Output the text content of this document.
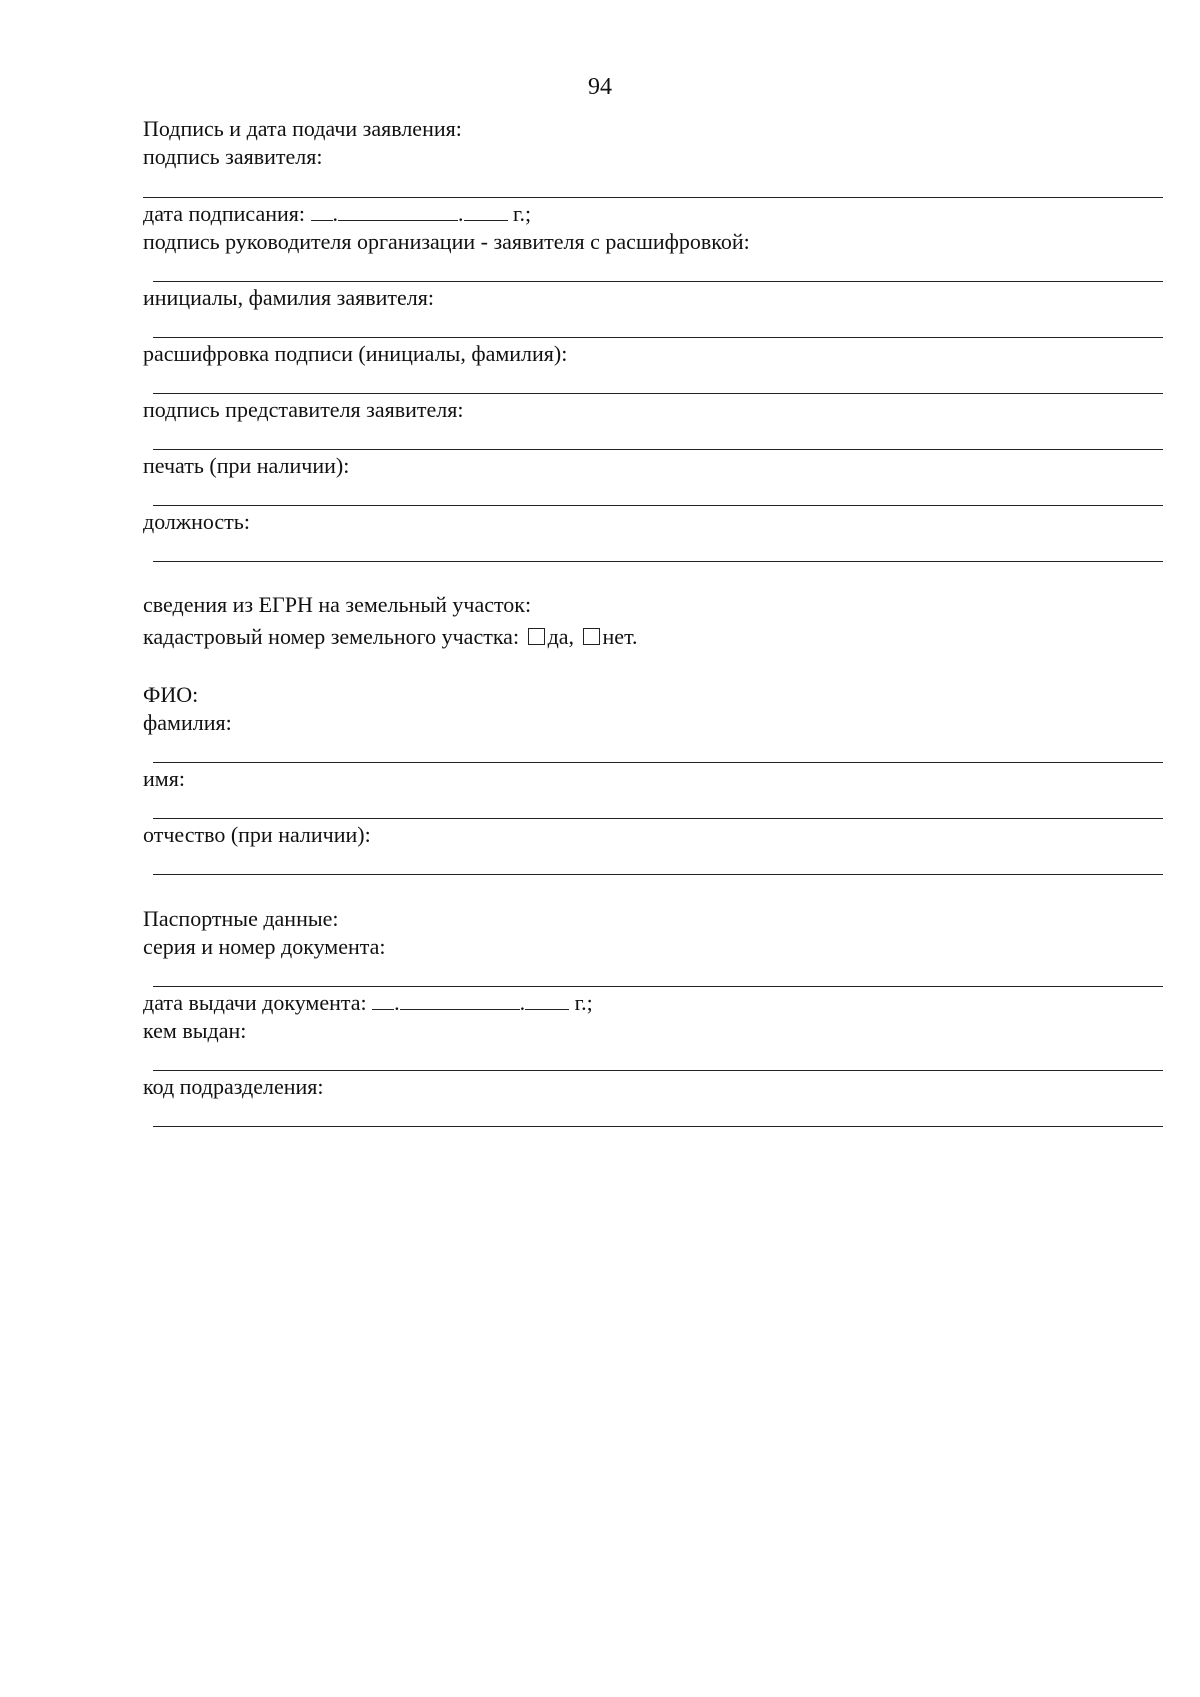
94
Подпись и дата подачи заявления:
подпись заявителя:
дата подписания: .	. г.;
подпись руководителя организации - заявителя с расшифровкой:
инициалы, фамилия заявителя:
расшифровка подписи (инициалы, фамилия):
подпись представителя заявителя:
печать (при наличии):
должность:
сведения из ЕГРН на земельный участок:
кадастровый номер земельного участка: да, нет.
ФИО:
фамилия:
имя:
отчество (при наличии):
Паспортные данные:
серия и номер документа:
дата выдачи документа: .	. г.;
кем выдан:
код подразделения:
